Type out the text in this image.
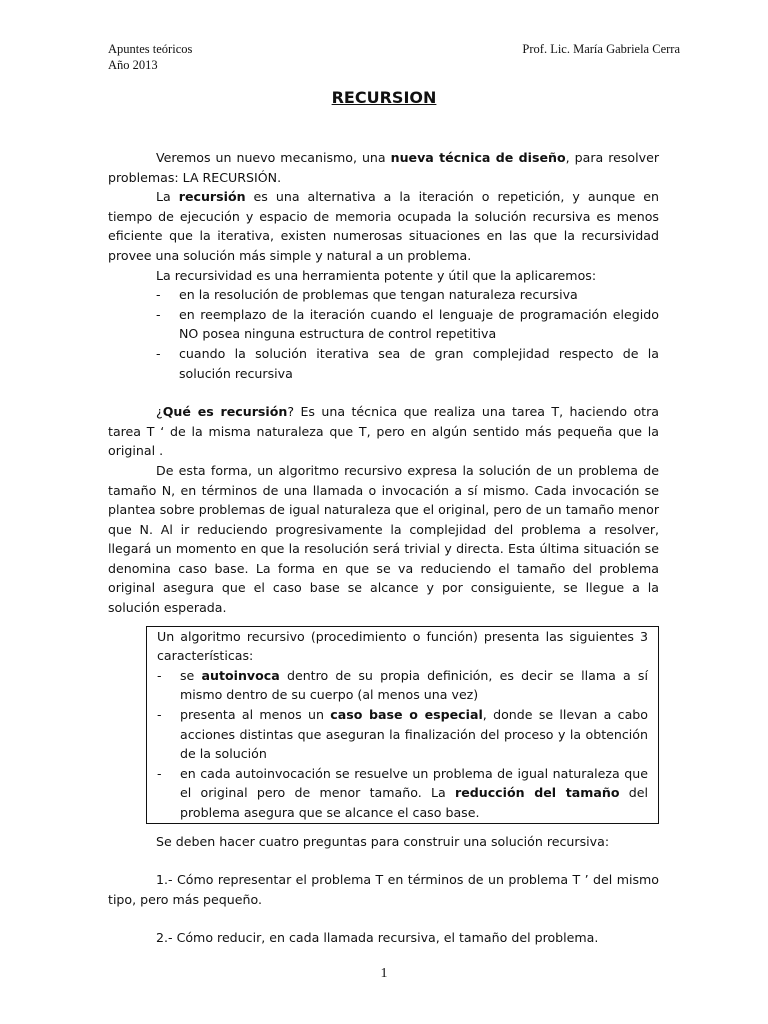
Apuntes teóricos
Año 2013
Prof. Lic. María Gabriela Cerra
RECURSION

Veremos un nuevo mecanismo, una nueva técnica de diseño, para resolver problemas: LA RECURSIÓN.

La recursión es una alternativa a la iteración o repetición, y aunque en tiempo de ejecución y espacio de memoria ocupada la solución recursiva es menos eficiente que la iterativa, existen numerosas situaciones en las que la recursividad provee una solución más simple y natural a un problema.

La recursividad es una herramienta potente y útil que la aplicaremos:

- en la resolución de problemas que tengan naturaleza recursiva
- en reemplazo de la iteración cuando el lenguaje de programación elegido NO posea ninguna estructura de control repetitiva
- cuando la solución iterativa sea de gran complejidad respecto de la solución recursiva

¿Qué es recursión? Es una técnica que realiza una tarea T, haciendo otra tarea T ‘ de la misma naturaleza que T, pero en algún sentido más pequeña que la original .

De esta forma, un algoritmo recursivo expresa la solución de un problema de tamaño N, en términos de una llamada o invocación a sí mismo. Cada invocación se plantea sobre problemas de igual naturaleza que el original, pero de un tamaño menor que N. Al ir reduciendo progresivamente la complejidad del problema a resolver, llegará un momento en que la resolución será trivial y directa. Esta última situación se denomina caso base. La forma en que se va reduciendo el tamaño del problema original asegura que el caso base se alcance y por consiguiente, se llegue a la solución esperada.

Un algoritmo recursivo (procedimiento o función) presenta las siguientes 3 características:

- se autoinvoca dentro de su propia definición, es decir se llama a sí mismo dentro de su cuerpo (al menos una vez)
- presenta al menos un caso base o especial, donde se llevan a cabo acciones distintas que aseguran la finalización del proceso y la obtención de la solución
- en cada autoinvocación se resuelve un problema de igual naturaleza que el original pero de menor tamaño. La reducción del tamaño del problema asegura que se alcance el caso base.

Se deben hacer cuatro preguntas para construir una solución recursiva:

1.- Cómo representar el problema T en términos de un problema T ’ del mismo tipo, pero más pequeño.

2.- Cómo reducir, en cada llamada recursiva, el tamaño del problema.

1
